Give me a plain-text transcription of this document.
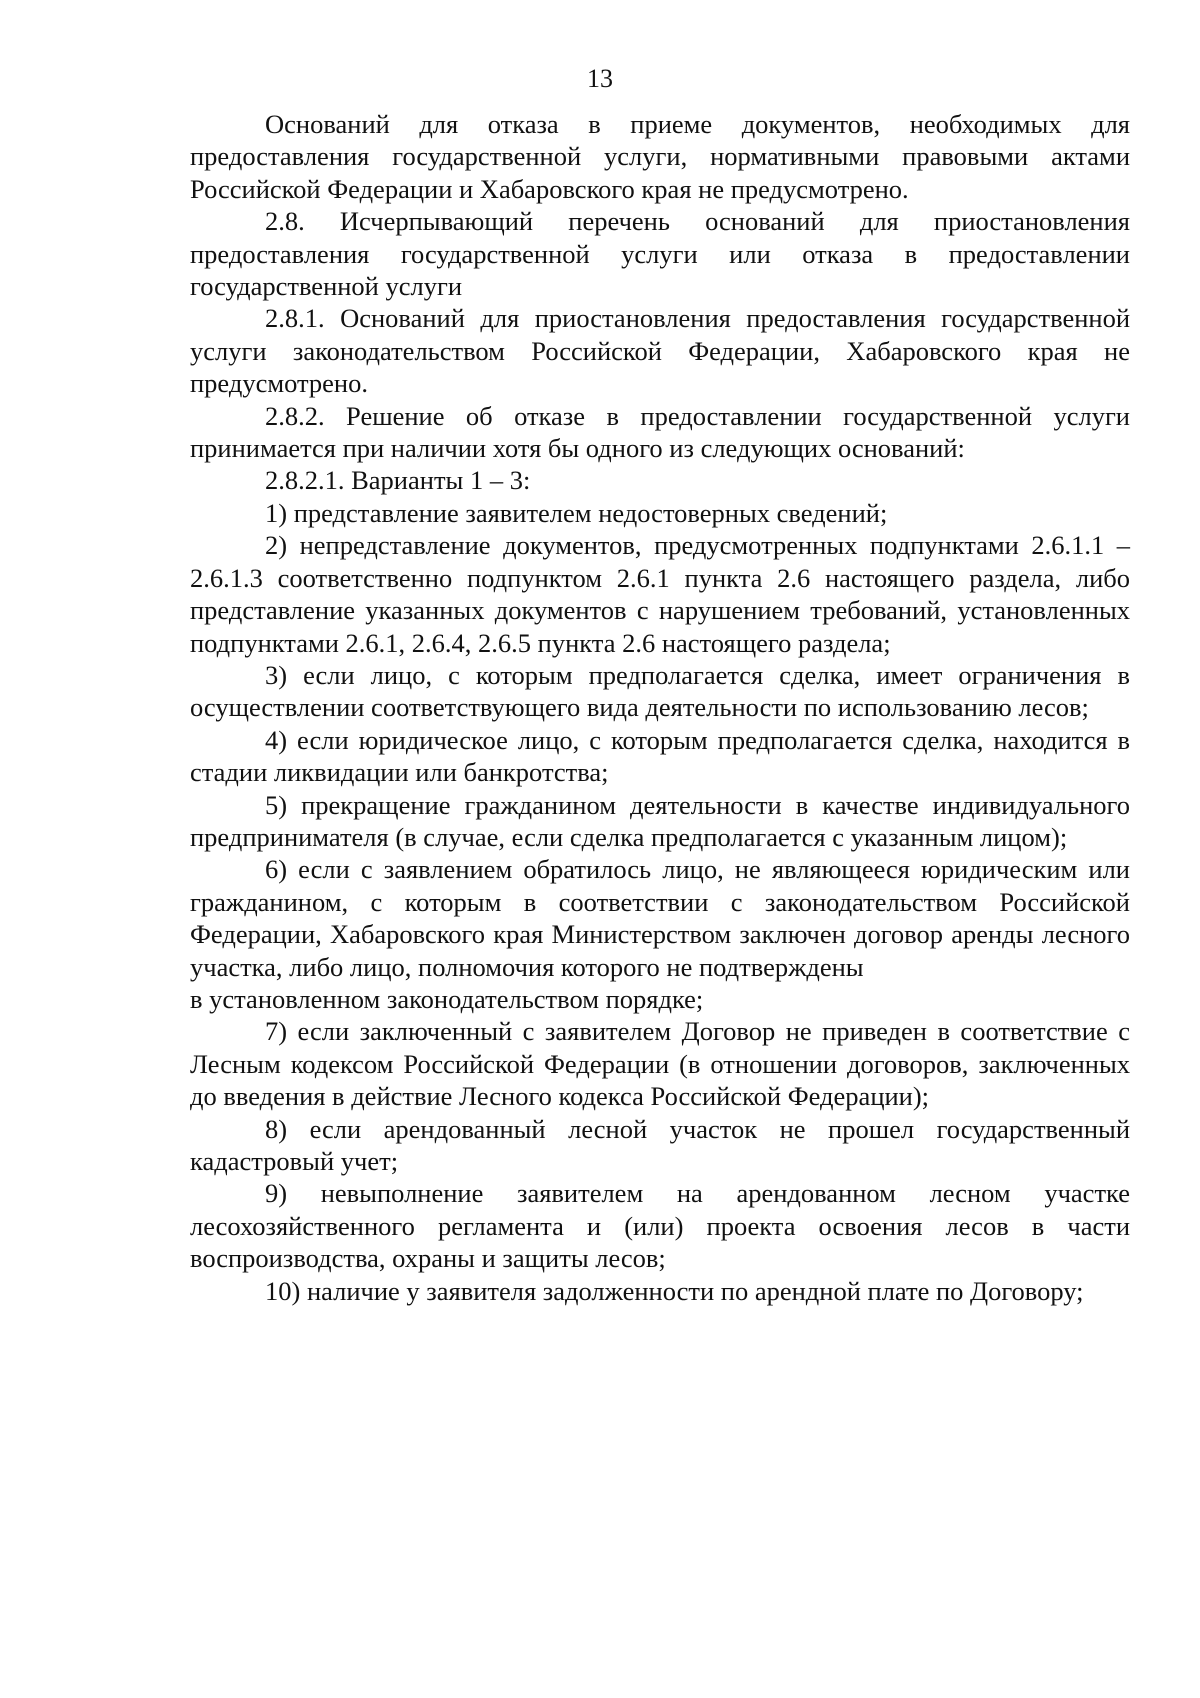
13

Оснований для отказа в приеме документов, необходимых для предоставления государственной услуги, нормативными правовыми актами Российской Федерации и Хабаровского края не предусмотрено.

2.8. Исчерпывающий перечень оснований для приостановления предоставления государственной услуги или отказа в предоставлении государственной услуги

2.8.1. Оснований для приостановления предоставления государственной услуги законодательством Российской Федерации, Хабаровского края не предусмотрено.

2.8.2. Решение об отказе в предоставлении государственной услуги принимается при наличии хотя бы одного из следующих оснований:

2.8.2.1. Варианты 1 – 3:

1) представление заявителем недостоверных сведений;

2) непредставление документов, предусмотренных подпунктами 2.6.1.1 – 2.6.1.3 соответственно подпунктом 2.6.1 пункта 2.6 настоящего раздела, либо представление указанных документов с нарушением требований, установленных подпунктами 2.6.1, 2.6.4, 2.6.5 пункта 2.6 настоящего раздела;

3) если лицо, с которым предполагается сделка, имеет ограничения в осуществлении соответствующего вида деятельности по использованию лесов;

4) если юридическое лицо, с которым предполагается сделка, находится в стадии ликвидации или банкротства;

5) прекращение гражданином деятельности в качестве индивидуального предпринимателя (в случае, если сделка предполагается с указанным лицом);

6) если с заявлением обратилось лицо, не являющееся юридическим или гражданином, с которым в соответствии с законодательством Российской Федерации, Хабаровского края Министерством заключен договор аренды лесного участка, либо лицо, полномочия которого не подтверждены

в установленном законодательством порядке;

7) если заключенный с заявителем Договор не приведен в соответствие с Лесным кодексом Российской Федерации (в отношении договоров, заключенных до введения в действие Лесного кодекса Российской Федерации);

8) если арендованный лесной участок не прошел государственный кадастровый учет;

9) невыполнение заявителем на арендованном лесном участке лесохозяйственного регламента и (или) проекта освоения лесов в части воспроизводства, охраны и защиты лесов;

10) наличие у заявителя задолженности по арендной плате по Договору;
